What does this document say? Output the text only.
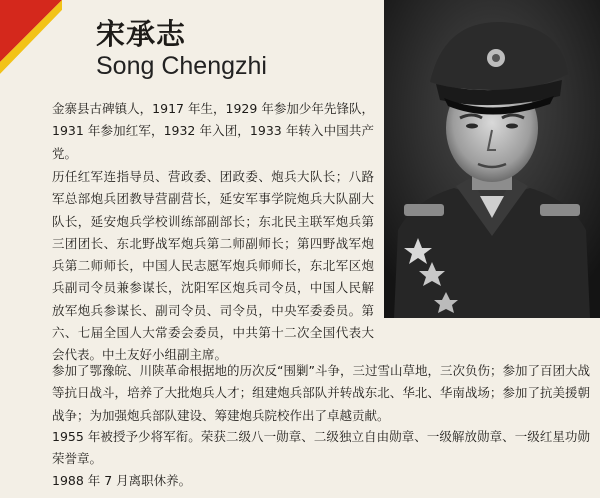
宋承志
Song Chengzhi

金寨县古碑镇人，1917 年生，1929 年参加少年先锋队，1931 年参加红军，1932 年入团，1933 年转入中国共产党。

历任红军连指导员、营政委、团政委、炮兵大队长；八路军总部炮兵团教导营副营长，延安军事学院炮兵大队副大队长，延安炮兵学校训练部副部长；东北民主联军炮兵第三团团长、东北野战军炮兵第二师副师长；第四野战军炮兵第二师师长，中国人民志愿军炮兵师师长，东北军区炮兵副司令员兼参谋长，沈阳军区炮兵司令员，中国人民解放军炮兵参谋长、副司令员、司令员，中央军委委员。第六、七届全国人大常委会委员，中共第十二次全国代表大会代表。中土友好小组副主席。

参加了鄂豫皖、川陕革命根据地的历次反“围剿”斗争，三过雪山草地，三次负伤；参加了百团大战等抗日战斗，培养了大批炮兵人才；组建炮兵部队并转战东北、华北、华南战场；参加了抗美援朝战争；为加强炮兵部队建设、筹建炮兵院校作出了卓越贡献。

1955 年被授予少将军衔。荣获二级八一勋章、二级独立自由勋章、一级解放勋章、一级红星功勋荣誉章。

1988 年 7 月离职休养。
